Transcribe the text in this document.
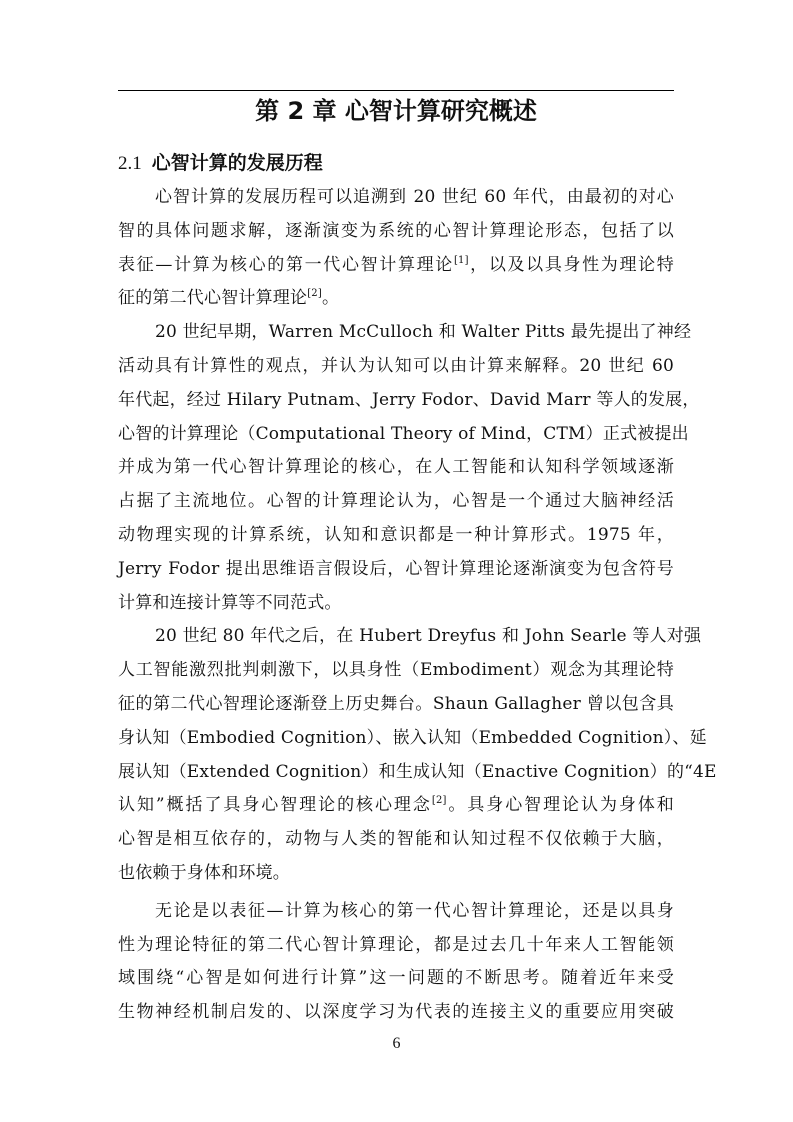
第 2 章 心智计算研究概述
2.1 心智计算的发展历程
心智计算的发展历程可以追溯到 20 世纪 60 年代，由最初的对心
智的具体问题求解，逐渐演变为系统的心智计算理论形态，包括了以
表征—计算为核心的第一代心智计算理论[1]，以及以具身性为理论特
征的第二代心智计算理论[2]。
20 世纪早期，Warren McCulloch 和 Walter Pitts 最先提出了神经
活动具有计算性的观点，并认为认知可以由计算来解释。20 世纪 60
年代起，经过 Hilary Putnam、Jerry Fodor、David Marr 等人的发展，
心智的计算理论（Computational Theory of Mind，CTM）正式被提出
并成为第一代心智计算理论的核心，在人工智能和认知科学领域逐渐
占据了主流地位。心智的计算理论认为，心智是一个通过大脑神经活
动物理实现的计算系统，认知和意识都是一种计算形式。1975 年，
Jerry Fodor 提出思维语言假设后，心智计算理论逐渐演变为包含符号
计算和连接计算等不同范式。
20 世纪 80 年代之后，在 Hubert Dreyfus 和 John Searle 等人对强
人工智能激烈批判刺激下，以具身性（Embodiment）观念为其理论特
征的第二代心智理论逐渐登上历史舞台。Shaun Gallagher 曾以包含具
身认知（Embodied Cognition）、嵌入认知（Embedded Cognition）、延
展认知（Extended Cognition）和生成认知（Enactive Cognition）的“4E
认知”概括了具身心智理论的核心理念[2]。具身心智理论认为身体和
心智是相互依存的，动物与人类的智能和认知过程不仅依赖于大脑，
也依赖于身体和环境。
无论是以表征—计算为核心的第一代心智计算理论，还是以具身
性为理论特征的第二代心智计算理论，都是过去几十年来人工智能领
域围绕“心智是如何进行计算”这一问题的不断思考。随着近年来受
生物神经机制启发的、以深度学习为代表的连接主义的重要应用突破
6
